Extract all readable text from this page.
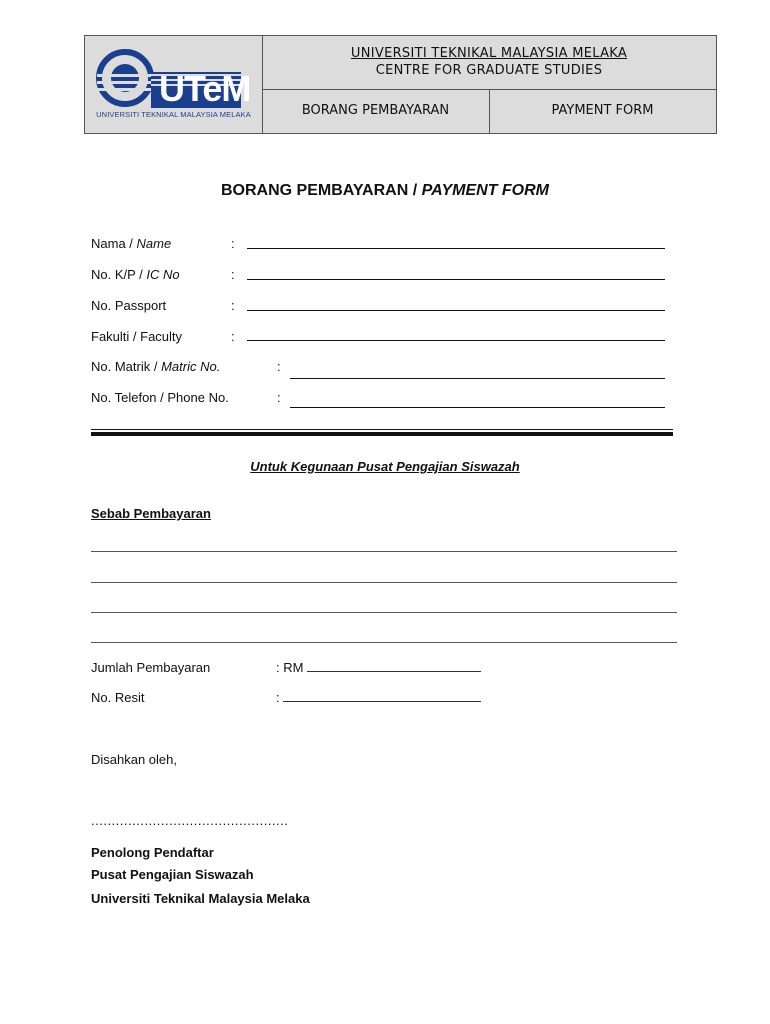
UTeM
UNIVERSITI TEKNIKAL MALAYSIA MELAKA
UNIVERSITI TEKNIKAL MALAYSIA MELAKA
CENTRE FOR GRADUATE STUDIES
BORANG PEMBAYARAN	PAYMENT FORM
BORANG PEMBAYARAN / PAYMENT FORM
Nama / Name	:
No. K/P / IC No	:
No. Passport	:
Fakulti / Faculty	:
No. Matrik / Matric No.	:
No. Telefon / Phone No.	:
Untuk Kegunaan Pusat Pengajian Siswazah
Sebab Pembayaran
Jumlah Pembayaran	: RM
No. Resit	:
Disahkan oleh,
................................................
Penolong Pendaftar
Pusat Pengajian Siswazah
Universiti Teknikal Malaysia Melaka
